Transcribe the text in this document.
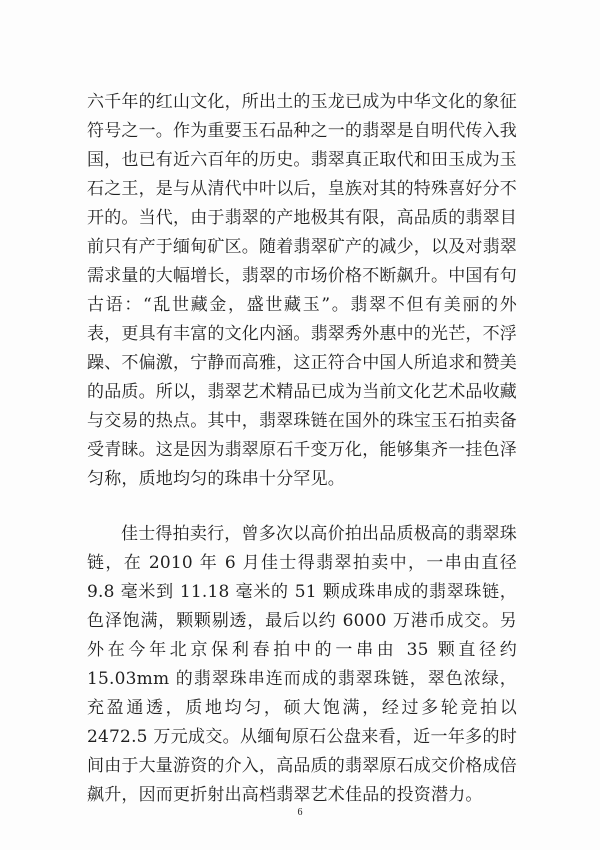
六千年的红山文化，所出土的玉龙已成为中华文化的象征符号之一。作为重要玉石品种之一的翡翠是自明代传入我国，也已有近六百年的历史。翡翠真正取代和田玉成为玉石之王，是与从清代中叶以后，皇族对其的特殊喜好分不开的。当代，由于翡翠的产地极其有限，高品质的翡翠目前只有产于缅甸矿区。随着翡翠矿产的减少，以及对翡翠需求量的大幅增长，翡翠的市场价格不断飙升。中国有句古语：“乱世藏金，盛世藏玉”。翡翠不但有美丽的外表，更具有丰富的文化内涵。翡翠秀外惠中的光芒，不浮躁、不偏激，宁静而高雅，这正符合中国人所追求和赞美的品质。所以，翡翠艺术精品已成为当前文化艺术品收藏与交易的热点。其中，翡翠珠链在国外的珠宝玉石拍卖备受青睐。这是因为翡翠原石千变万化，能够集齐一挂色泽匀称，质地均匀的珠串十分罕见。

佳士得拍卖行，曾多次以高价拍出品质极高的翡翠珠链，在 2010 年 6 月佳士得翡翠拍卖中，一串由直径 9.8 毫米到 11.18 毫米的 51 颗成珠串成的翡翠珠链，色泽饱满，颗颗剔透，最后以约 6000 万港币成交。另外在今年北京保利春拍中的一串由 35 颗直径约 15.03mm 的翡翠珠串连而成的翡翠珠链，翠色浓绿，充盈通透，质地均匀，硕大饱满，经过多轮竞拍以 2472.5 万元成交。从缅甸原石公盘来看，近一年多的时间由于大量游资的介入，高品质的翡翠原石成交价格成倍飙升，因而更折射出高档翡翠艺术佳品的投资潜力。

6
